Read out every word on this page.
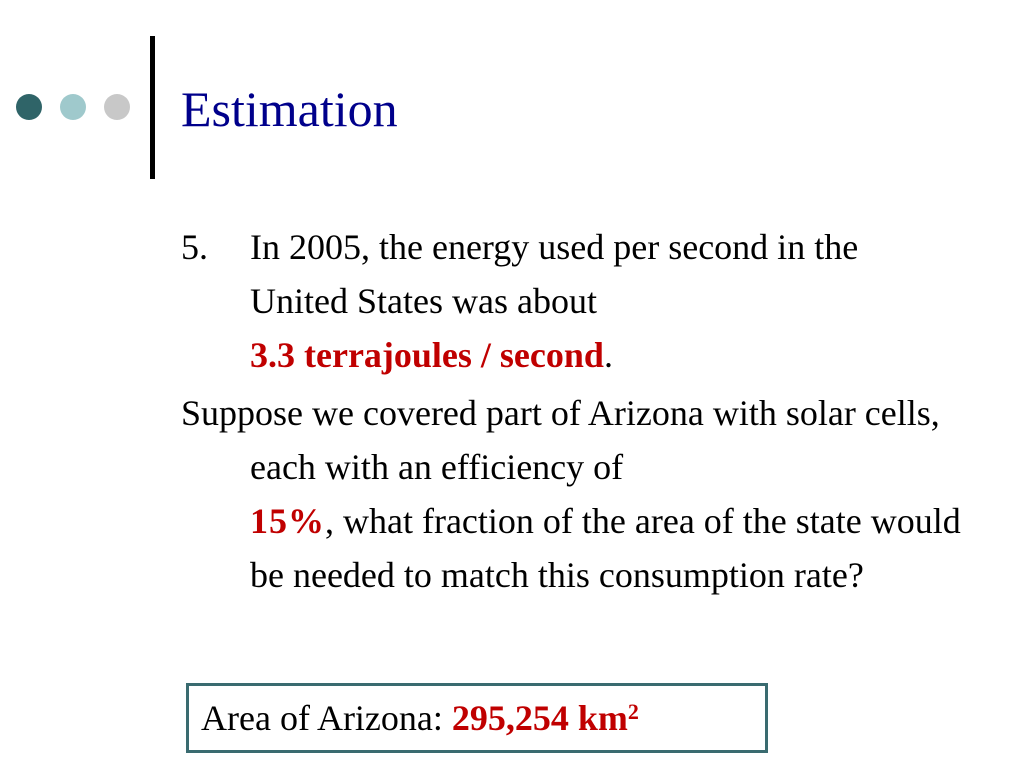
Estimation
5. In 2005, the energy used per second in the United States was about
3.3 terrajoules / second.
Suppose we covered part of Arizona with solar cells, each with an efficiency of
15%, what fraction of the area of the state would be needed to match this consumption rate?
Area of Arizona: 295,254 $km^2$
